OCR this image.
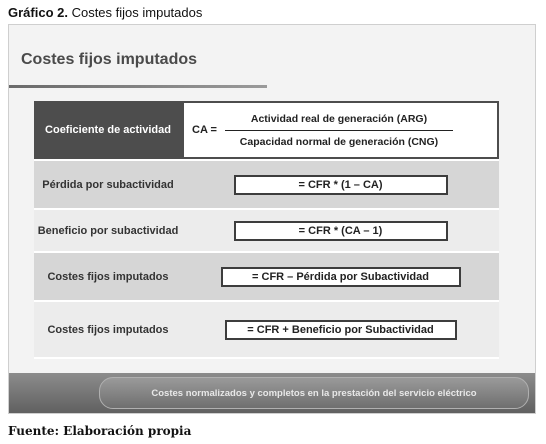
Gráfico 2. Costes fijos imputados
Costes fijos imputados
Coeficiente de actividad	CA = $\frac{\text{Actividad real de generación (ARG)}}{\text{Capacidad normal de generación (CNG)}}$
Pérdida por subactividad	= CFR * (1 – CA)
Beneficio por subactividad	= CFR * (CA – 1)
Costes fijos imputados	= CFR – Pérdida por Subactividad
Costes fijos imputados	= CFR + Beneficio por Subactividad
Costes normalizados y completos en la prestación del servicio eléctrico
Fuente: Elaboración propia
